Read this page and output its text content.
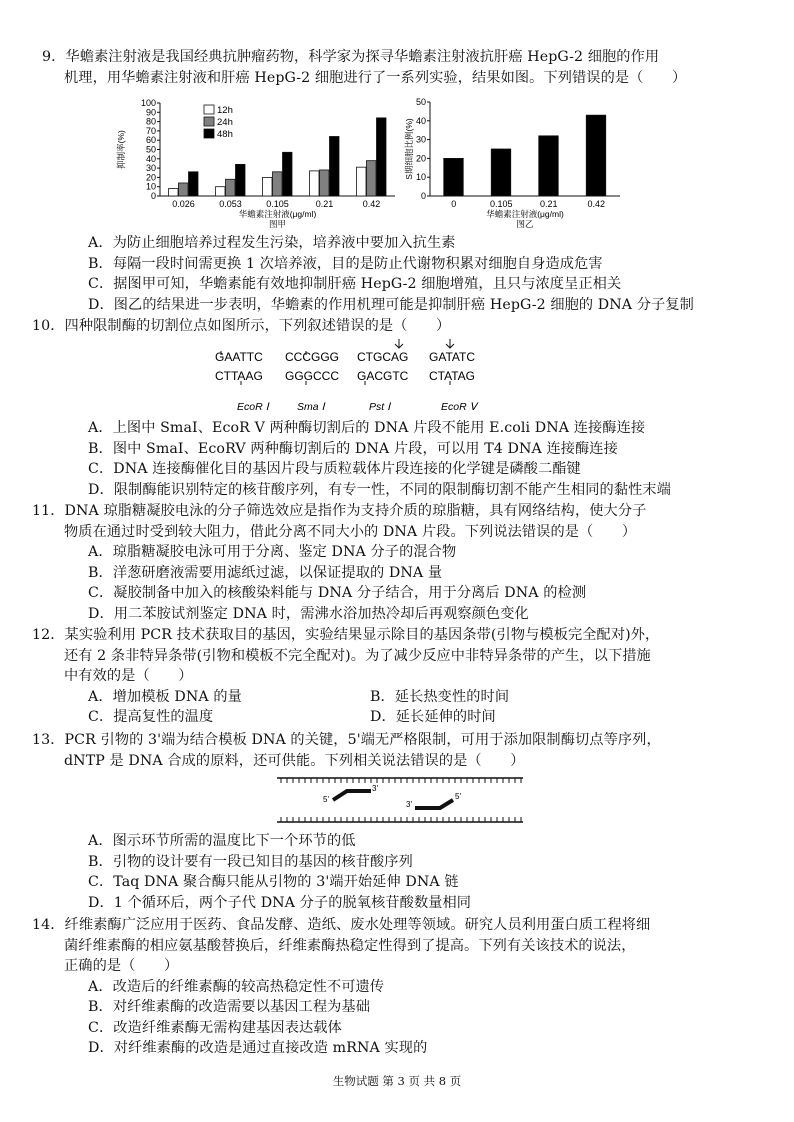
9．华蟾素注射液是我国经典抗肿瘤药物，科学家为探寻华蟾素注射液抗肝癌 HepG-2 细胞的作用
机理，用华蟾素注射液和肝癌 HepG-2 细胞进行了一系列实验，结果如图。下列错误的是（　　）
0
10
20
30
40
50
60
70
80
90
100
抑制率(%)
0.026	0.053	0.105	0.21	0.42
华蟾素注射液(μg/ml)
图甲
12h
24h
48h
0
10
20
30
40
50
S期细胞比例(%)
0	0.105	0.21	0.42
华蟾素注射液(μg/ml)
图乙
A．为防止细胞培养过程发生污染，培养液中要加入抗生素
B．每隔一段时间需更换 1 次培养液，目的是防止代谢物积累对细胞自身造成危害
C．据图甲可知，华蟾素能有效地抑制肝癌 HepG-2 细胞增殖，且只与浓度呈正相关
D．图乙的结果进一步表明，华蟾素的作用机理可能是抑制肝癌 HepG-2 细胞的 DNA 分子复制
10．四种限制酶的切割位点如图所示，下列叙述错误的是（　　）
GAATTC
CTTAAG
EcoR Ⅰ
CCCGGG
GGGCCC
Sma Ⅰ
CTGCAG
GACGTC
Pst Ⅰ
GATATC
CTATAG
EcoR Ⅴ
A．上图中 SmaI、EcoR V 两种酶切割后的 DNA 片段不能用 E.coli DNA 连接酶连接
B．图中 SmaI、EcoRV 两种酶切割后的 DNA 片段，可以用 T4 DNA 连接酶连接
C．DNA 连接酶催化目的基因片段与质粒载体片段连接的化学键是磷酸二酯键
D．限制酶能识别特定的核苷酸序列，有专一性，不同的限制酶切割不能产生相同的黏性末端
11．DNA 琼脂糖凝胶电泳的分子筛选效应是指作为支持介质的琼脂糖，具有网络结构，使大分子
物质在通过时受到较大阻力，借此分离不同大小的 DNA 片段。下列说法错误的是（　　）
A．琼脂糖凝胶电泳可用于分离、鉴定 DNA 分子的混合物
B．洋葱研磨液需要用滤纸过滤，以保证提取的 DNA 量
C．凝胶制备中加入的核酸染料能与 DNA 分子结合，用于分离后 DNA 的检测
D．用二苯胺试剂鉴定 DNA 时，需沸水浴加热冷却后再观察颜色变化
12．某实验利用 PCR 技术获取目的基因，实验结果显示除目的基因条带(引物与模板完全配对)外，
还有 2 条非特异条带(引物和模板不完全配对)。为了减少反应中非特异条带的产生，以下措施
中有效的是（　　）
A．增加模板 DNA 的量	B．延长热变性的时间
C．提高复性的温度	D．延长延伸的时间
13．PCR 引物的 3'端为结合模板 DNA 的关键，5'端无严格限制，可用于添加限制酶切点等序列，
dNTP 是 DNA 合成的原料，还可供能。下列相关说法错误的是（　　）
5'
3'
3'
5'
A．图示环节所需的温度比下一个环节的低
B．引物的设计要有一段已知目的基因的核苷酸序列
C．Taq DNA 聚合酶只能从引物的 3'端开始延伸 DNA 链
D．1 个循环后，两个子代 DNA 分子的脱氧核苷酸数量相同
14．纤维素酶广泛应用于医药、食品发酵、造纸、废水处理等领域。研究人员利用蛋白质工程将细
菌纤维素酶的相应氨基酸替换后，纤维素酶热稳定性得到了提高。下列有关该技术的说法，
正确的是（　　）
A．改造后的纤维素酶的较高热稳定性不可遗传
B．对纤维素酶的改造需要以基因工程为基础
C．改造纤维素酶无需构建基因表达载体
D．对纤维素酶的改造是通过直接改造 mRNA 实现的
生物试题 第 3 页 共 8 页
